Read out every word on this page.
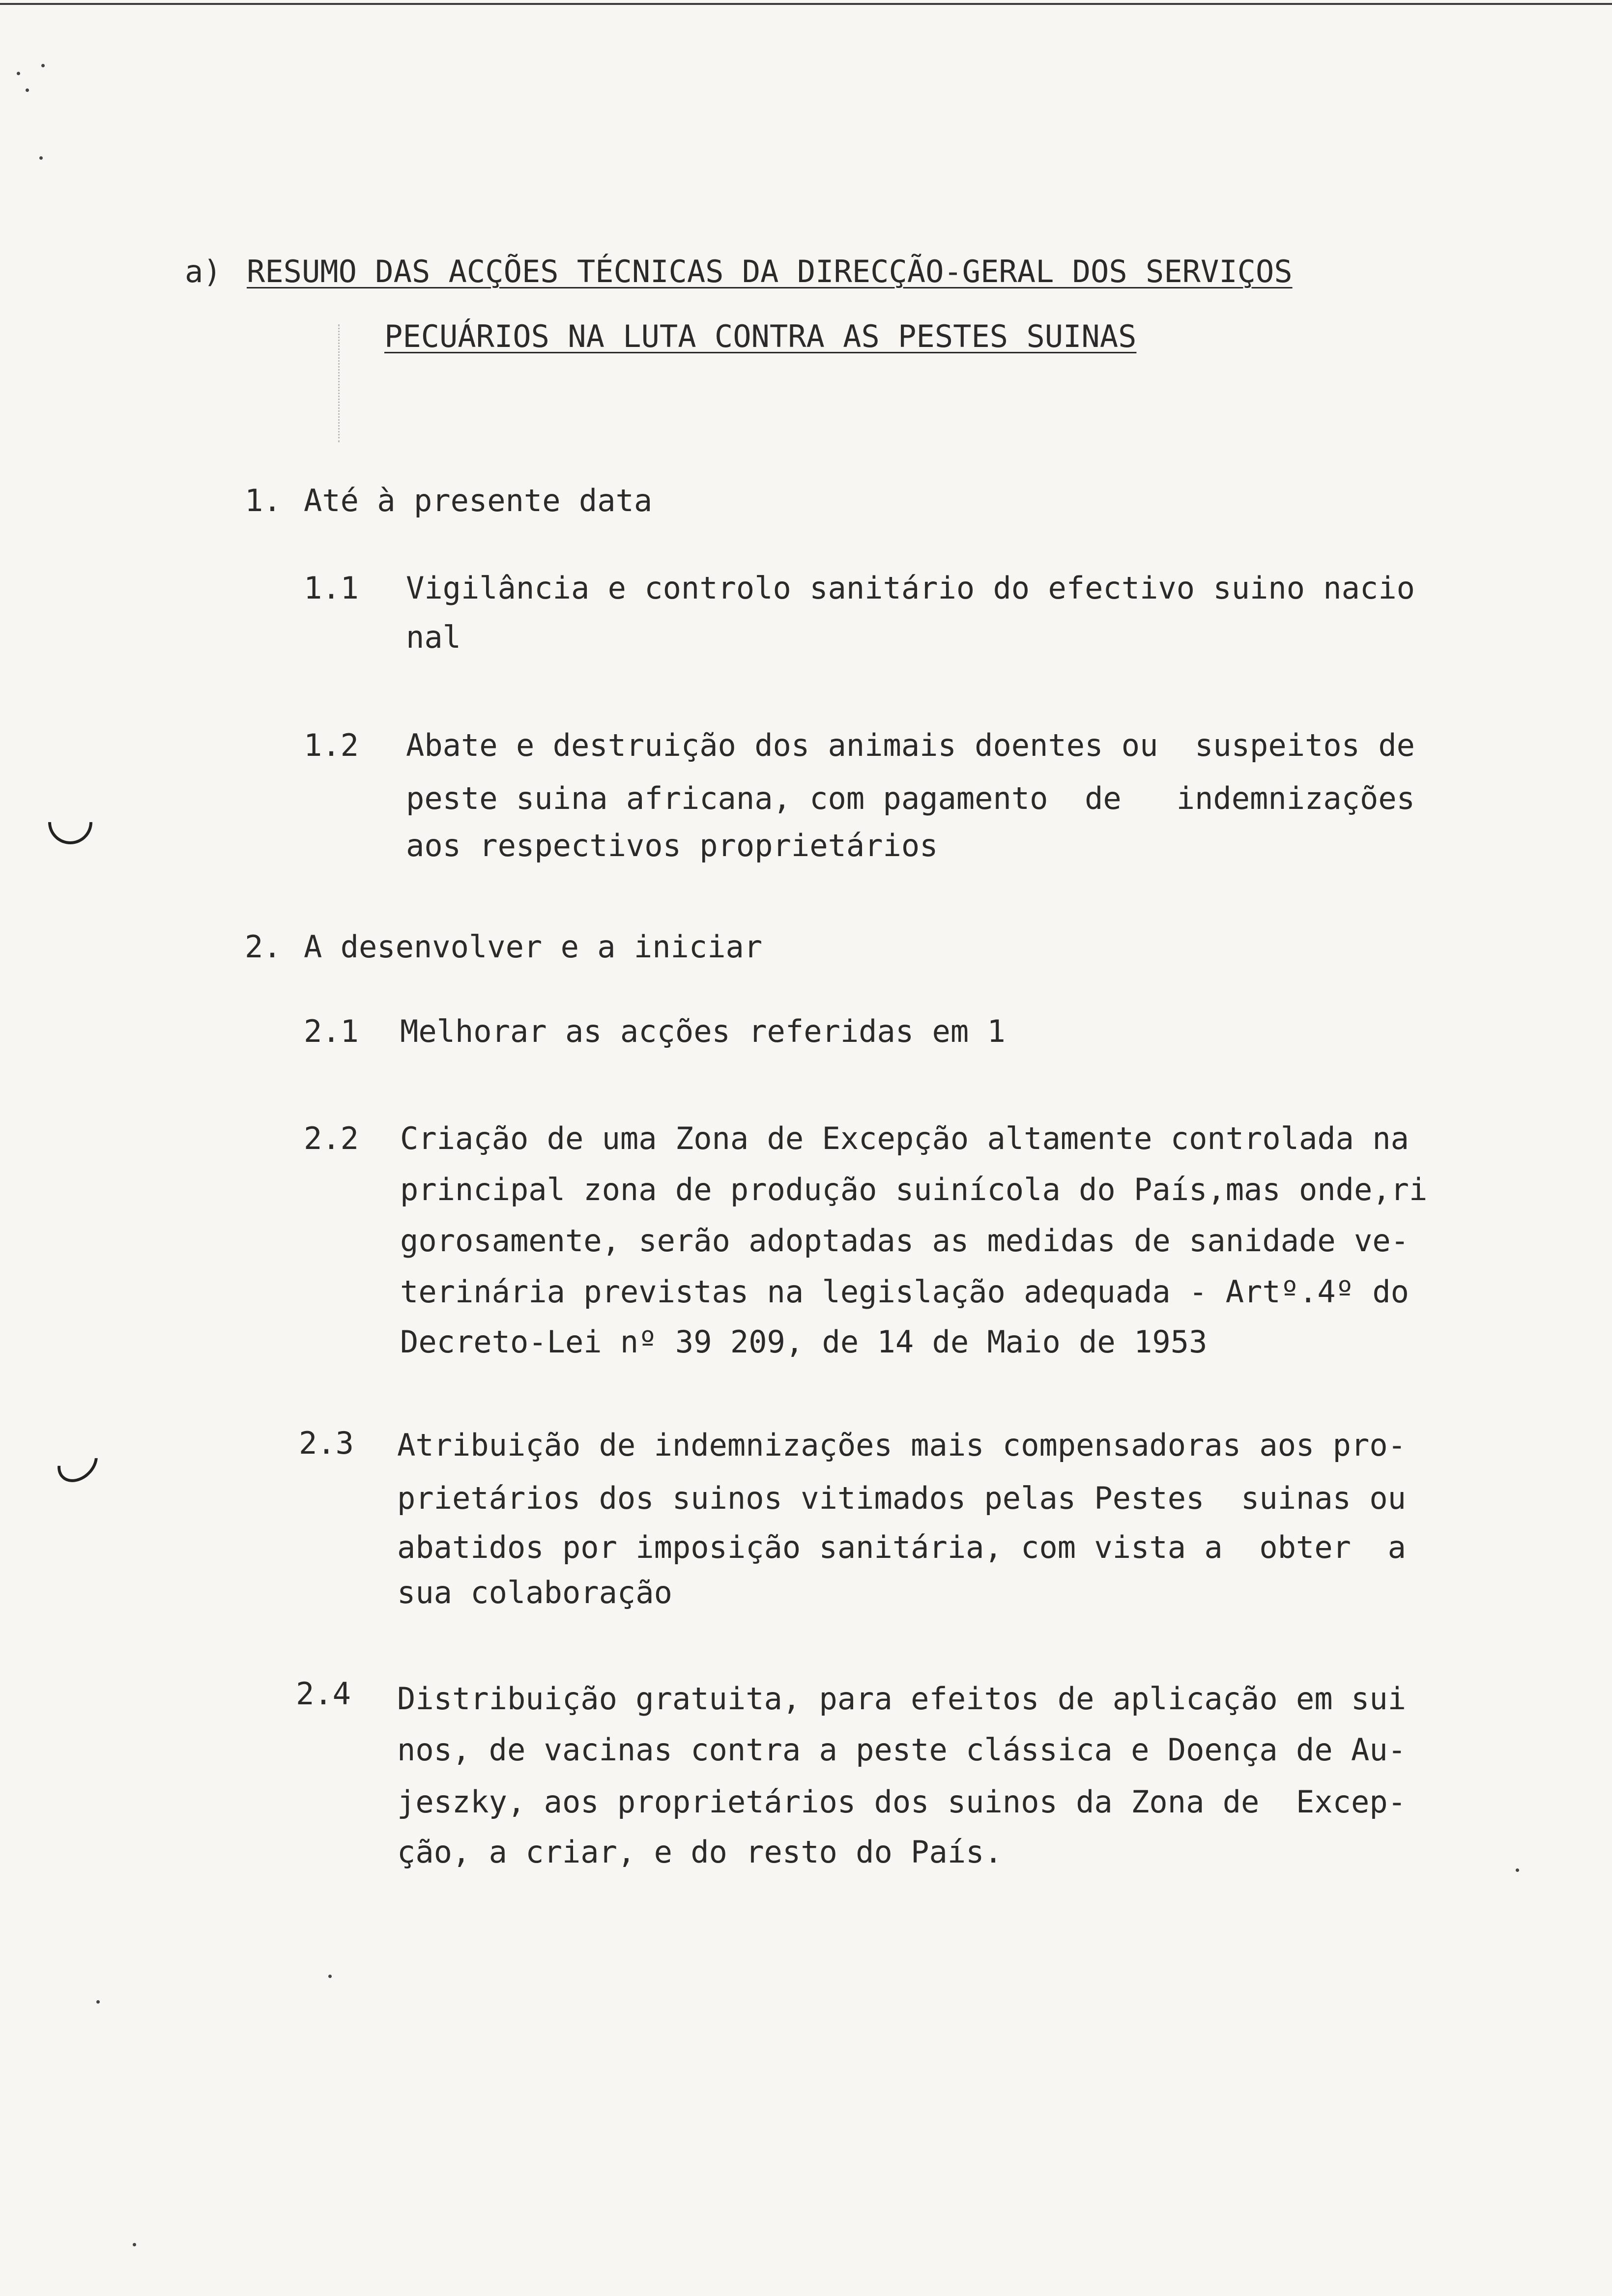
a) RESUMO DAS ACÇÕES TÉCNICAS DA DIRECÇÃO-GERAL DOS SERVIÇOS
PECUÁRIOS NA LUTA CONTRA AS PESTES SUINAS
1. Até à presente data
1.1 Vigilância e controlo sanitário do efectivo suino nacio
nal
1.2 Abate e destruição dos animais doentes ou  suspeitos de
peste suina africana, com pagamento  de   indemnizações
aos respectivos proprietários
2. A desenvolver e a iniciar
2.1 Melhorar as acções referidas em 1
2.2 Criação de uma Zona de Excepção altamente controlada na
principal zona de produção suinícola do País,mas onde,ri
gorosamente, serão adoptadas as medidas de sanidade ve-
terinária previstas na legislação adequada - Artº.4º do
Decreto-Lei nº 39 209, de 14 de Maio de 1953
2.3 Atribuição de indemnizações mais compensadoras aos pro-
prietários dos suinos vitimados pelas Pestes  suinas ou
abatidos por imposição sanitária, com vista a  obter  a
sua colaboração
2.4 Distribuição gratuita, para efeitos de aplicação em sui
nos, de vacinas contra a peste clássica e Doença de Au-
jeszky, aos proprietários dos suinos da Zona de  Excep-
ção, a criar, e do resto do País.
